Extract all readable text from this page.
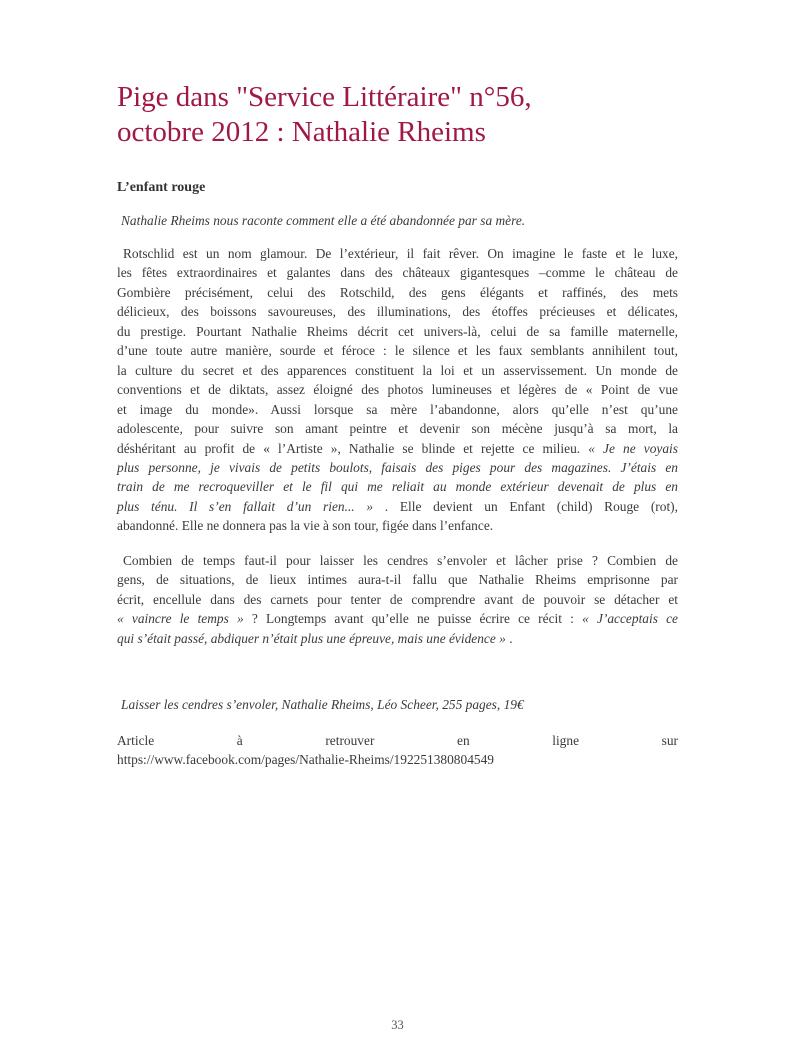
Pige dans "Service Littéraire" n°56,
octobre 2012 : Nathalie Rheims
L’enfant rouge
Nathalie Rheims nous raconte comment elle a été abandonnée par sa mère.
Rotschlid est un nom glamour. De l’extérieur, il fait rêver. On imagine le faste et le luxe,
les fêtes extraordinaires et galantes dans des châteaux gigantesques –comme le château de
Gombière précisément, celui des Rotschild, des gens élégants et raffinés, des mets
délicieux, des boissons savoureuses, des illuminations, des étoffes précieuses et délicates,
du prestige. Pourtant Nathalie Rheims décrit cet univers-là, celui de sa famille maternelle,
d’une toute autre manière, sourde et féroce : le silence et les faux semblants annihilent tout,
la culture du secret et des apparences constituent la loi et un asservissement. Un monde de
conventions et de diktats, assez éloigné des photos lumineuses et légères de « Point de vue
et image du monde». Aussi lorsque sa mère l’abandonne, alors qu’elle n’est qu’une
adolescente, pour suivre son amant peintre et devenir son mécène jusqu’à sa mort, la
déshéritant au profit de « l’Artiste », Nathalie se blinde et rejette ce milieu. « Je ne voyais
plus personne, je vivais de petits boulots, faisais des piges pour des magazines. J’étais en
train de me recroqueviller et le fil qui me reliait au monde extérieur devenait de plus en
plus ténu. Il s’en fallait d’un rien... » . Elle devient un Enfant (child) Rouge (rot),
abandonné. Elle ne donnera pas la vie à son tour, figée dans l’enfance.
Combien de temps faut-il pour laisser les cendres s’envoler et lâcher prise ? Combien de
gens, de situations, de lieux intimes aura-t-il fallu que Nathalie Rheims emprisonne par
écrit, encellule dans des carnets pour tenter de comprendre avant de pouvoir se détacher et
« vaincre le temps » ? Longtemps avant qu’elle ne puisse écrire ce récit : « J’acceptais ce
qui s’était passé, abdiquer n’était plus une épreuve, mais une évidence » .
Laisser les cendres s’envoler, Nathalie Rheims, Léo Scheer, 255 pages, 19€
Article à retrouver en ligne sur
https://www.facebook.com/pages/Nathalie-Rheims/192251380804549
33
